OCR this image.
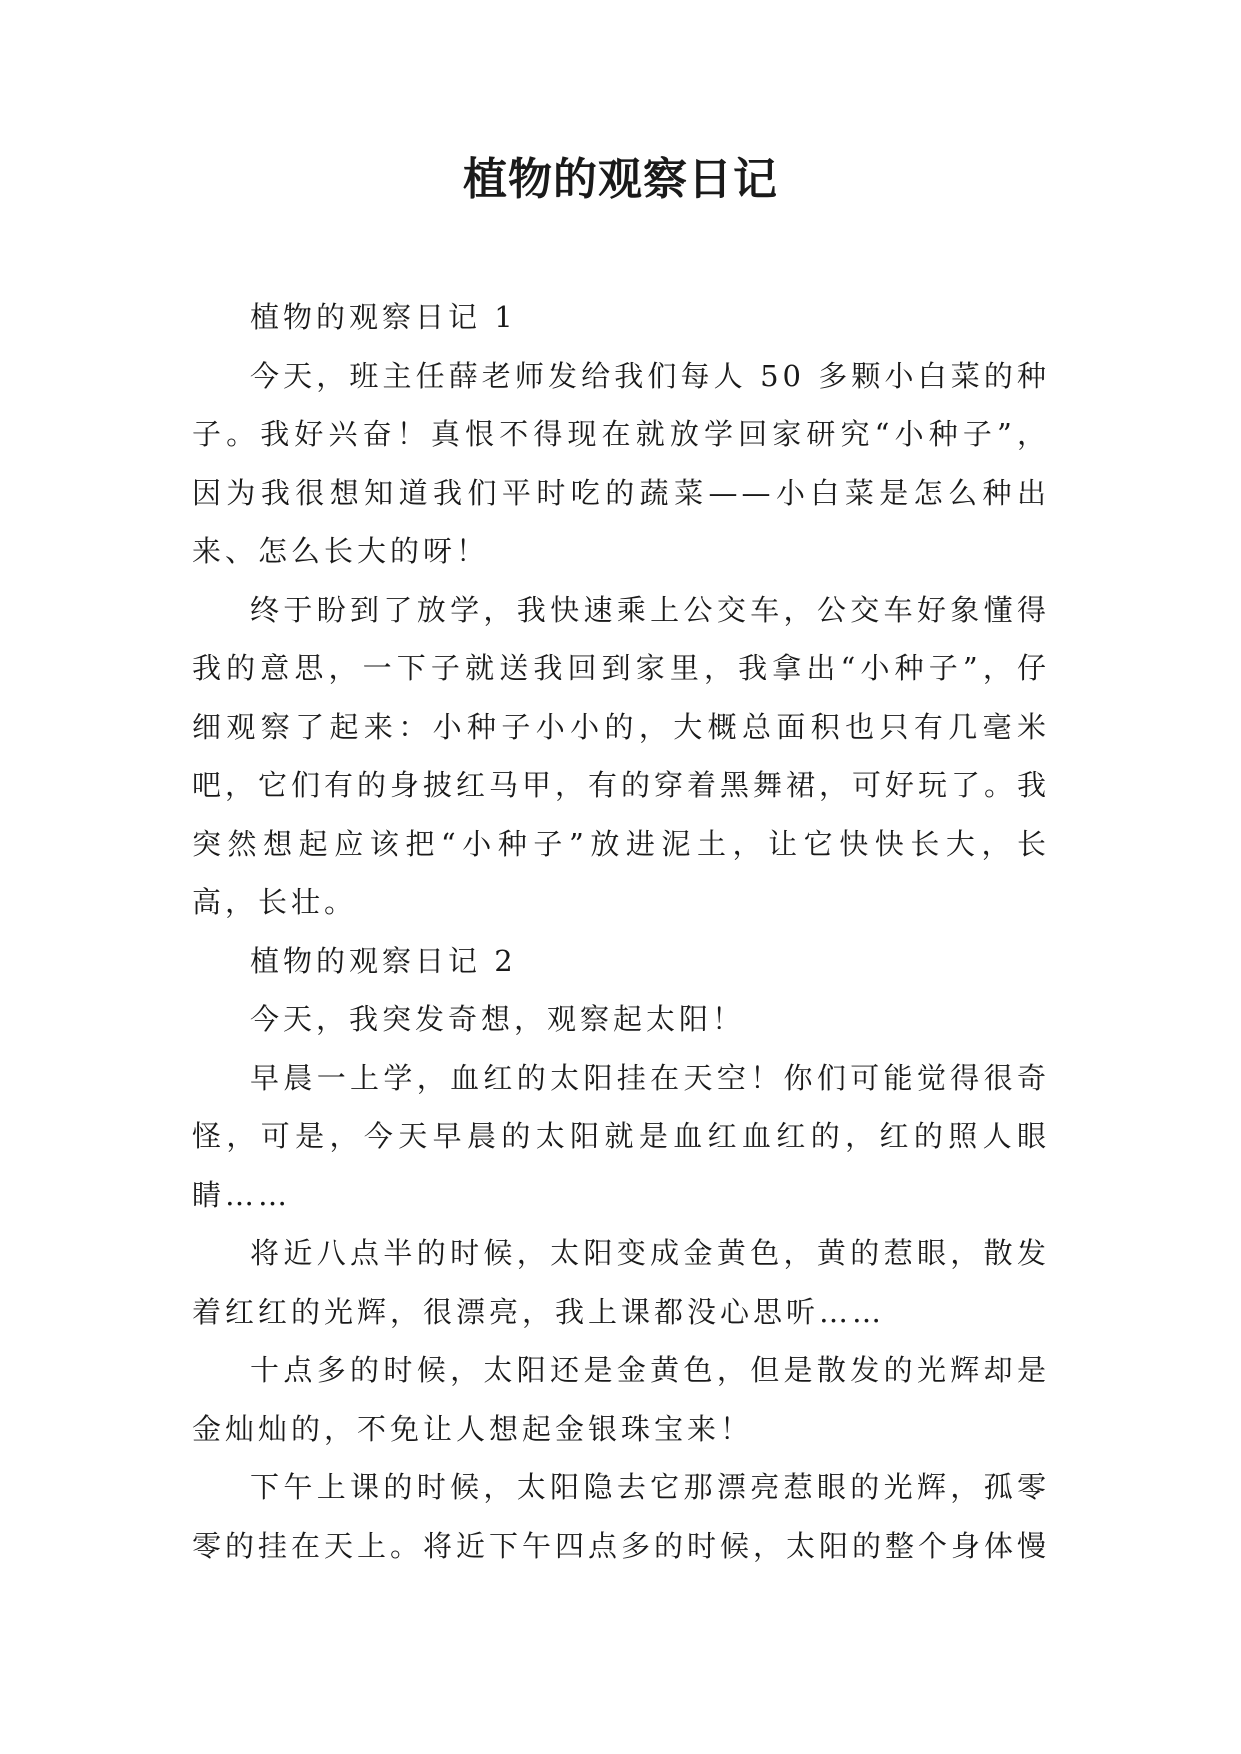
植物的观察日记

植物的观察日记 1

今天，班主任薛老师发给我们每人 50 多颗小白菜的种子。我好兴奋！真恨不得现在就放学回家研究“小种子”，因为我很想知道我们平时吃的蔬菜——小白菜是怎么种出来、怎么长大的呀！

终于盼到了放学，我快速乘上公交车，公交车好象懂得我的意思，一下子就送我回到家里，我拿出“小种子”，仔细观察了起来：小种子小小的，大概总面积也只有几毫米吧，它们有的身披红马甲，有的穿着黑舞裙，可好玩了。我突然想起应该把“小种子”放进泥土，让它快快长大，长高，长壮。

植物的观察日记 2

今天，我突发奇想，观察起太阳！

早晨一上学，血红的太阳挂在天空！你们可能觉得很奇怪，可是，今天早晨的太阳就是血红血红的，红的照人眼睛……

将近八点半的时候，太阳变成金黄色，黄的惹眼，散发着红红的光辉，很漂亮，我上课都没心思听……

十点多的时候，太阳还是金黄色，但是散发的光辉却是金灿灿的，不免让人想起金银珠宝来！

下午上课的时候，太阳隐去它那漂亮惹眼的光辉，孤零零的挂在天上。将近下午四点多的时候，太阳的整个身体慢
